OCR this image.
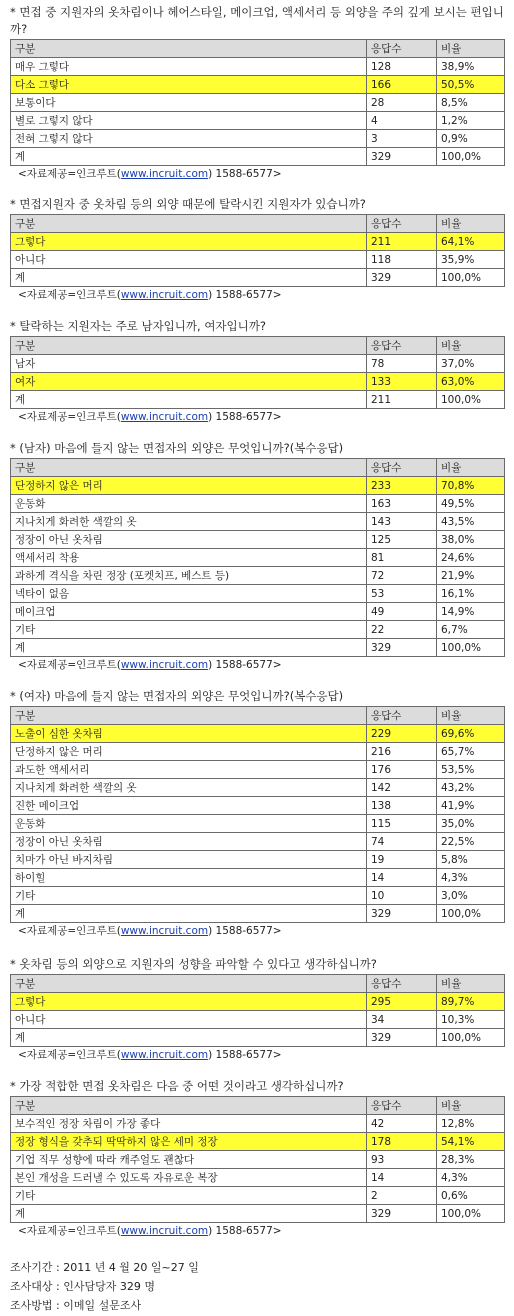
* 면접 중 지원자의 옷차림이나 헤어스타일, 메이크업, 액세서리 등 외양을 주의 깊게 보시는 편입니까?
구분	응답수	비율
매우 그렇다	128	38,9%
다소 그렇다	166	50,5%
보통이다	28	8,5%
별로 그렇지 않다	4	1,2%
전혀 그렇지 않다	3	0,9%
계	329	100,0%
<자료제공=인크루트(www.incruit.com) 1588-6577>
* 면접지원자 중 옷차림 등의 외양 때문에 탈락시킨 지원자가 있습니까?
구분	응답수	비율
그렇다	211	64,1%
아니다	118	35,9%
계	329	100,0%
<자료제공=인크루트(www.incruit.com) 1588-6577>
* 탈락하는 지원자는 주로 남자입니까, 여자입니까?
구분	응답수	비율
남자	78	37,0%
여자	133	63,0%
계	211	100,0%
<자료제공=인크루트(www.incruit.com) 1588-6577>
* (남자) 마음에 들지 않는 면접자의 외양은 무엇입니까?(복수응답)
구분	응답수	비율
단정하지 않은 머리	233	70,8%
운동화	163	49,5%
지나치게 화려한 색깔의 옷	143	43,5%
정장이 아닌 옷차림	125	38,0%
액세서리 착용	81	24,6%
과하게 격식을 차린 정장 (포켓치프, 베스트 등)	72	21,9%
넥타이 없음	53	16,1%
메이크업	49	14,9%
기타	22	6,7%
계	329	100,0%
<자료제공=인크루트(www.incruit.com) 1588-6577>
* (여자) 마음에 들지 않는 면접자의 외양은 무엇입니까?(복수응답)
구분	응답수	비율
노출이 심한 옷차림	229	69,6%
단정하지 않은 머리	216	65,7%
과도한 액세서리	176	53,5%
지나치게 화려한 색깔의 옷	142	43,2%
진한 메이크업	138	41,9%
운동화	115	35,0%
정장이 아닌 옷차림	74	22,5%
치마가 아닌 바지차림	19	5,8%
하이힐	14	4,3%
기타	10	3,0%
계	329	100,0%
<자료제공=인크루트(www.incruit.com) 1588-6577>
* 옷차림 등의 외양으로 지원자의 성향을 파악할 수 있다고 생각하십니까?
구분	응답수	비율
그렇다	295	89,7%
아니다	34	10,3%
계	329	100,0%
<자료제공=인크루트(www.incruit.com) 1588-6577>
* 가장 적합한 면접 옷차림은 다음 중 어떤 것이라고 생각하십니까?
구분	응답수	비율
보수적인 정장 차림이 가장 좋다	42	12,8%
정장 형식을 갖추되 딱딱하지 않은 세미 정장	178	54,1%
기업 직무 성향에 따라 캐주얼도 괜찮다	93	28,3%
본인 개성을 드러낼 수 있도록 자유로운 복장	14	4,3%
기타	2	0,6%
계	329	100,0%
<자료제공=인크루트(www.incruit.com) 1588-6577>
조사기간 : 2011 년 4 월 20 일~27 일
조사대상 : 인사담당자 329 명
조사방법 : 이메일 설문조사
